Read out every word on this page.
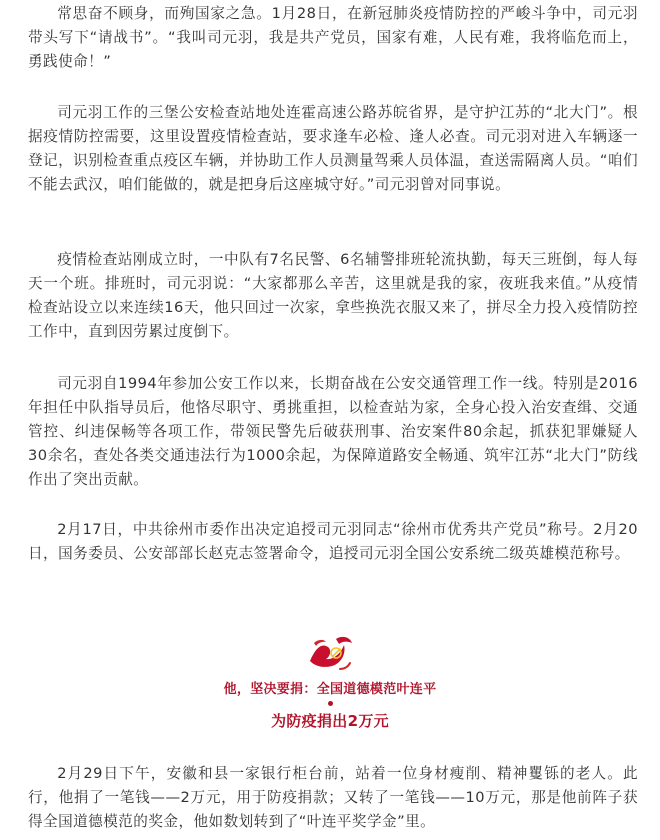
常思奋不顾身，而殉国家之急。1月28日，在新冠肺炎疫情防控的严峻斗争中，司元羽带头写下“请战书”。“我叫司元羽，我是共产党员，国家有难，人民有难，我将临危而上，勇践使命！”

司元羽工作的三堡公安检查站地处连霍高速公路苏皖省界，是守护江苏的“北大门”。根据疫情防控需要，这里设置疫情检查站，要求逢车必检、逢人必查。司元羽对进入车辆逐一登记，识别检查重点疫区车辆，并协助工作人员测量驾乘人员体温，查送需隔离人员。“咱们不能去武汉，咱们能做的，就是把身后这座城守好。”司元羽曾对同事说。

疫情检查站刚成立时，一中队有7名民警、6名辅警排班轮流执勤，每天三班倒，每人每天一个班。排班时，司元羽说：“大家都那么辛苦，这里就是我的家，夜班我来值。”从疫情检查站设立以来连续16天，他只回过一次家，拿些换洗衣服又来了，拼尽全力投入疫情防控工作中，直到因劳累过度倒下。

司元羽自1994年参加公安工作以来，长期奋战在公安交通管理工作一线。特别是2016年担任中队指导员后，他恪尽职守、勇挑重担，以检查站为家，全身心投入治安查缉、交通管控、纠违保畅等各项工作，带领民警先后破获刑事、治安案件80余起，抓获犯罪嫌疑人30余名，查处各类交通违法行为1000余起，为保障道路安全畅通、筑牢江苏“北大门”防线作出了突出贡献。

2月17日，中共徐州市委作出决定追授司元羽同志“徐州市优秀共产党员”称号。2月20日，国务委员、公安部部长赵克志签署命令，追授司元羽全国公安系统二级英雄模范称号。

他，坚决要捐：全国道德模范叶连平

为防疫捐出2万元

2月29日下午，安徽和县一家银行柜台前，站着一位身材瘦削、精神矍铄的老人。此行，他捐了一笔钱——2万元，用于防疫捐款；又转了一笔钱——10万元，那是他前阵子获得全国道德模范的奖金，他如数划转到了“叶连平奖学金”里。
